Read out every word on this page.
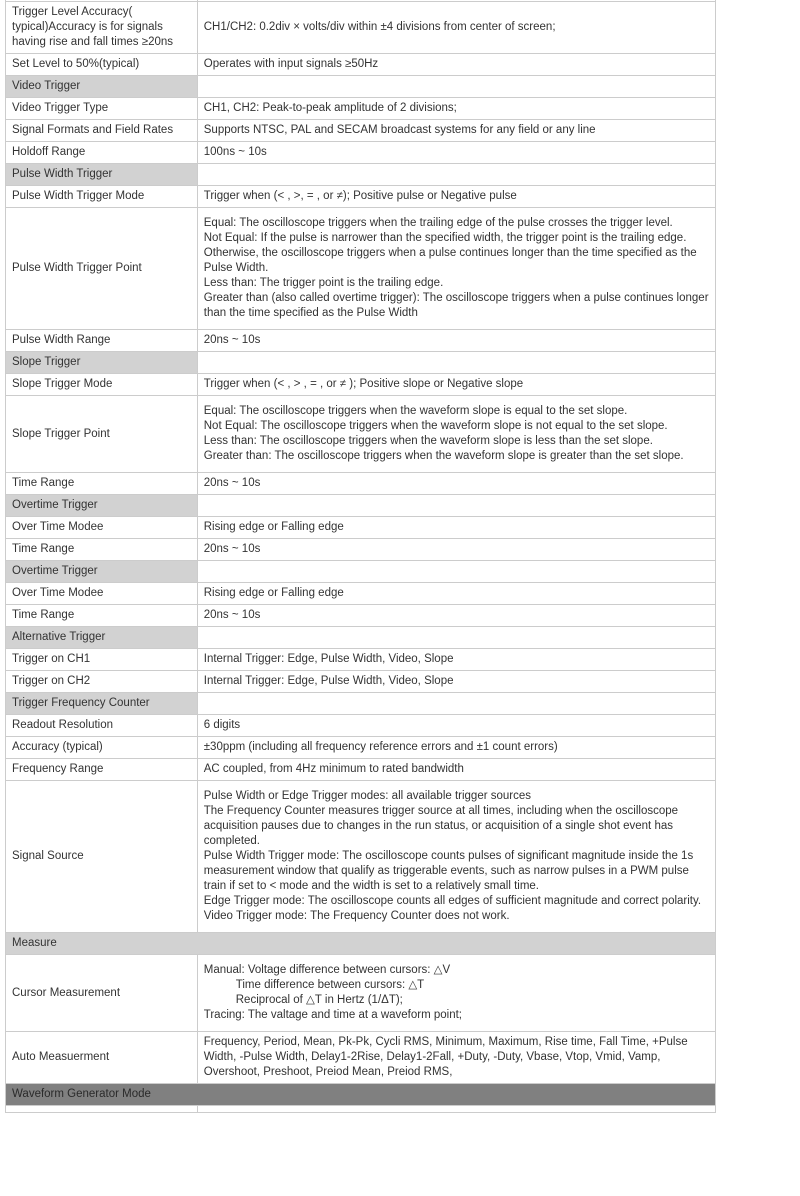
Trigger Level Accuracy( typical)Accuracy is for signals having rise and fall times ≥20ns	CH1/CH2: 0.2div × volts/div within ±4 divisions from center of screen;

Set Level to 50%(typical)	Operates with input signals ≥50Hz

Video Trigger	
Video Trigger Type	CH1, CH2: Peak-to-peak amplitude of 2 divisions;

Signal Formats and Field Rates	Supports NTSC, PAL and SECAM broadcast systems for any field or any line

Holdoff Range	100ns ~ 10s

Pulse Width Trigger	
Pulse Width Trigger Mode	Trigger when (< , >, = , or ≠); Positive pulse or Negative pulse

Pulse Width Trigger Point	Equal: The oscilloscope triggers when the trailing edge of the pulse crosses the trigger level.
Not Equal: If the pulse is narrower than the specified width, the trigger point is the trailing edge. Otherwise, the oscilloscope triggers when a pulse continues longer than the time specified as the Pulse Width.
Less than: The trigger point is the trailing edge.
Greater than (also called overtime trigger): The oscilloscope triggers when a pulse continues longer than the time specified as the Pulse Width

Pulse Width Range	20ns ~ 10s

Slope Trigger	
Slope Trigger Mode	Trigger when (< , > , = , or ≠ ); Positive slope or Negative slope

Slope Trigger Point	Equal: The oscilloscope triggers when the waveform slope is equal to the set slope.
Not Equal: The oscilloscope triggers when the waveform slope is not equal to the set slope.
Less than: The oscilloscope triggers when the waveform slope is less than the set slope.
Greater than: The oscilloscope triggers when the waveform slope is greater than the set slope.

Time Range	20ns ~ 10s

Overtime Trigger	
Over Time Modee	Rising edge or Falling edge

Time Range	20ns ~ 10s

Overtime Trigger	
Over Time Modee	Rising edge or Falling edge

Time Range	20ns ~ 10s

Alternative Trigger	
Trigger on CH1	Internal Trigger: Edge, Pulse Width, Video, Slope

Trigger on CH2	Internal Trigger: Edge, Pulse Width, Video, Slope

Trigger Frequency Counter	
Readout Resolution	6 digits

Accuracy (typical)	±30ppm (including all frequency reference errors and ±1 count errors)

Frequency Range	AC coupled, from 4Hz minimum to rated bandwidth

Signal Source	Pulse Width or Edge Trigger modes: all available trigger sources
The Frequency Counter measures trigger source at all times, including when the oscilloscope acquisition pauses due to changes in the run status, or acquisition of a single shot event has completed.
Pulse Width Trigger mode: The oscilloscope counts pulses of significant magnitude inside the 1s measurement window that qualify as triggerable events, such as narrow pulses in a PWM pulse train if set to < mode and the width is set to a relatively small time.
Edge Trigger mode: The oscilloscope counts all edges of sufficient magnitude and correct polarity.
Video Trigger mode: The Frequency Counter does not work.

Measure	
Cursor Measurement	Manual: Voltage difference between cursors: △V
Time difference between cursors: △T
Reciprocal of △T in Hertz (1/ΔT);
Tracing: The valtage and time at a waveform point;

Auto Measuerment	Frequency, Period, Mean, Pk-Pk, Cycli RMS, Minimum, Maximum, Rise time, Fall Time, +Pulse Width, -Pulse Width, Delay1-2Rise, Delay1-2Fall, +Duty, -Duty, Vbase, Vtop, Vmid, Vamp, Overshoot, Preshoot, Preiod Mean, Preiod RMS,

Waveform Generator Mode	
